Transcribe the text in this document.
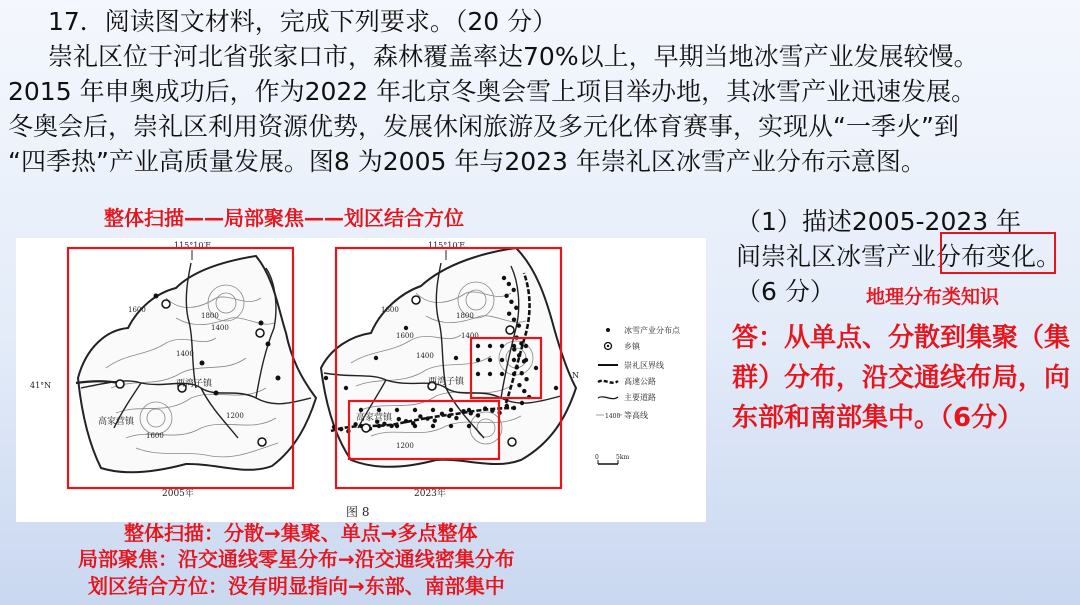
17．阅读图文材料，完成下列要求。（20 分）
崇礼区位于河北省张家口市，森林覆盖率达70%以上，早期当地冰雪产业发展较慢。
2015 年申奥成功后，作为2022 年北京冬奥会雪上项目举办地，其冰雪产业迅速发展。
冬奥会后，崇礼区利用资源优势，发展休闲旅游及多元化体育赛事，实现从“一季火”到
“四季热”产业高质量发展。图8 为2005 年与2023 年崇礼区冰雪产业分布示意图。
整体扫描——局部聚焦——划区结合方位
西湾子镇
高家营镇
115°10′E
41°N
1600
1800
1400
1200
1400
1600
2005年
西湾子镇
高家营镇
115°10′E
N
1600
1800
1400
1200
1400
1600
2023年
冰雪产业分布点
乡镇
崇礼区界线
高速公路
主要道路
1400 等高线
0	5km
图 8
（1）描述2005-2023 年
间崇礼区冰雪产业分布变化。
（6 分）	地理分布类知识
答：从单点、分散到集聚（集群）分布，沿交通线布局，向东部和南部集中。（6分）
整体扫描：分散→集聚、单点→多点整体
局部聚焦：沿交通线零星分布→沿交通线密集分布
划区结合方位：没有明显指向→东部、南部集中
